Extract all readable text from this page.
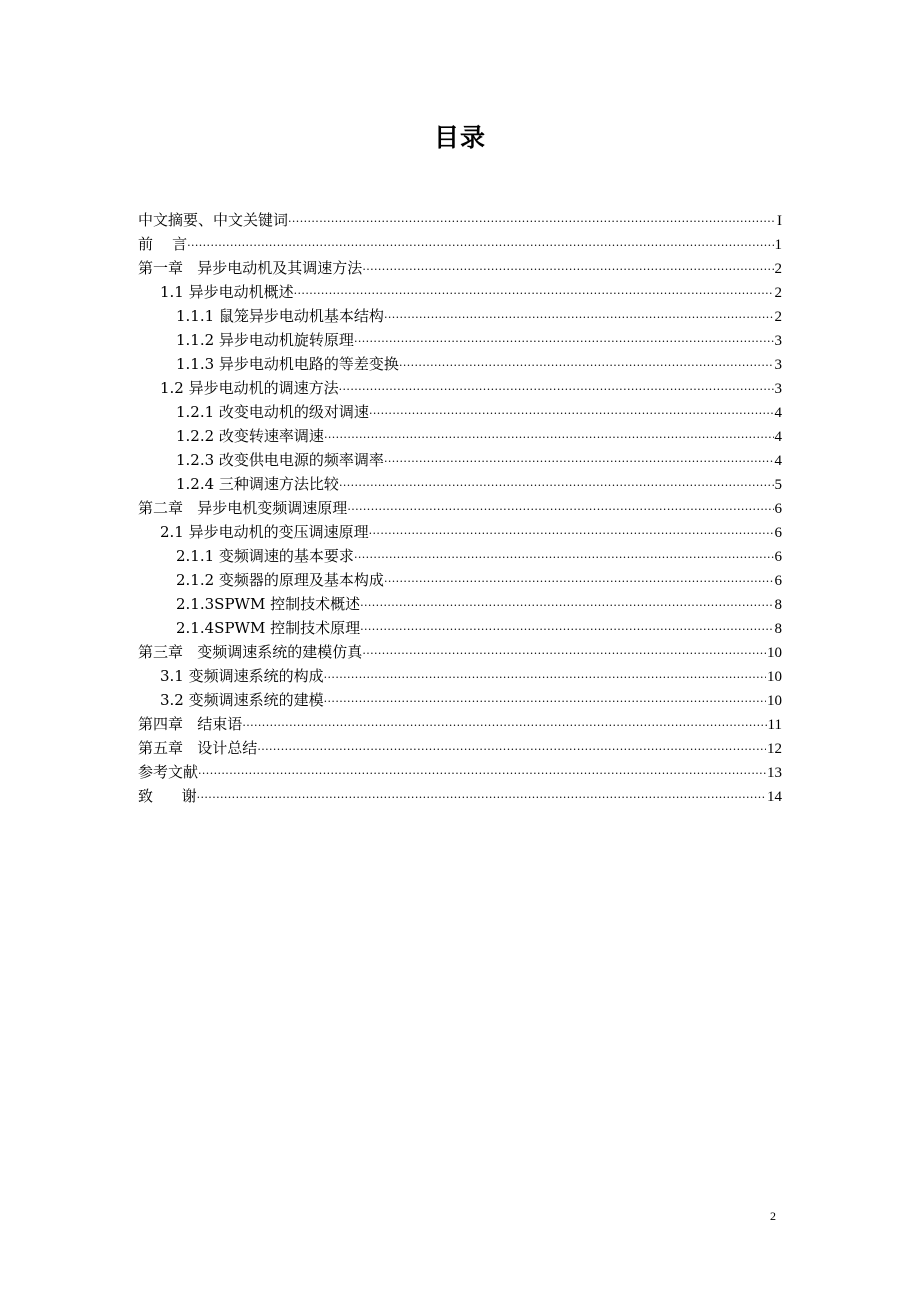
目录
中文摘要、中文关键词 ·····	I
前    言 ·····	1
第一章   异步电动机及其调速方法 ·····	2
1.1 异步电动机概述 ·····	2
1.1.1 鼠笼异步电动机基本结构 ·····	2
1.1.2 异步电动机旋转原理 ·····	3
1.1.3 异步电动机电路的等差变换 ·····	3
1.2 异步电动机的调速方法 ·····	3
1.2.1 改变电动机的级对调速 ·····	4
1.2.2 改变转速率调速 ·····	4
1.2.3 改变供电电源的频率调率 ·····	4
1.2.4 三种调速方法比较 ·····	5
第二章   异步电机变频调速原理 ·····	6
2.1 异步电动机的变压调速原理 ·····	6
2.1.1 变频调速的基本要求 ·····	6
2.1.2 变频器的原理及基本构成 ·····	6
2.1.3SPWM 控制技术概述 ·····	8
2.1.4SPWM 控制技术原理 ·····	8
第三章   变频调速系统的建模仿真 ·····	10
3.1 变频调速系统的构成 ·····	10
3.2 变频调速系统的建模 ·····	10
第四章   结束语 ·····	11
第五章   设计总结 ·····	12
参考文献 ·····	13
致      谢 ·····	14
2
